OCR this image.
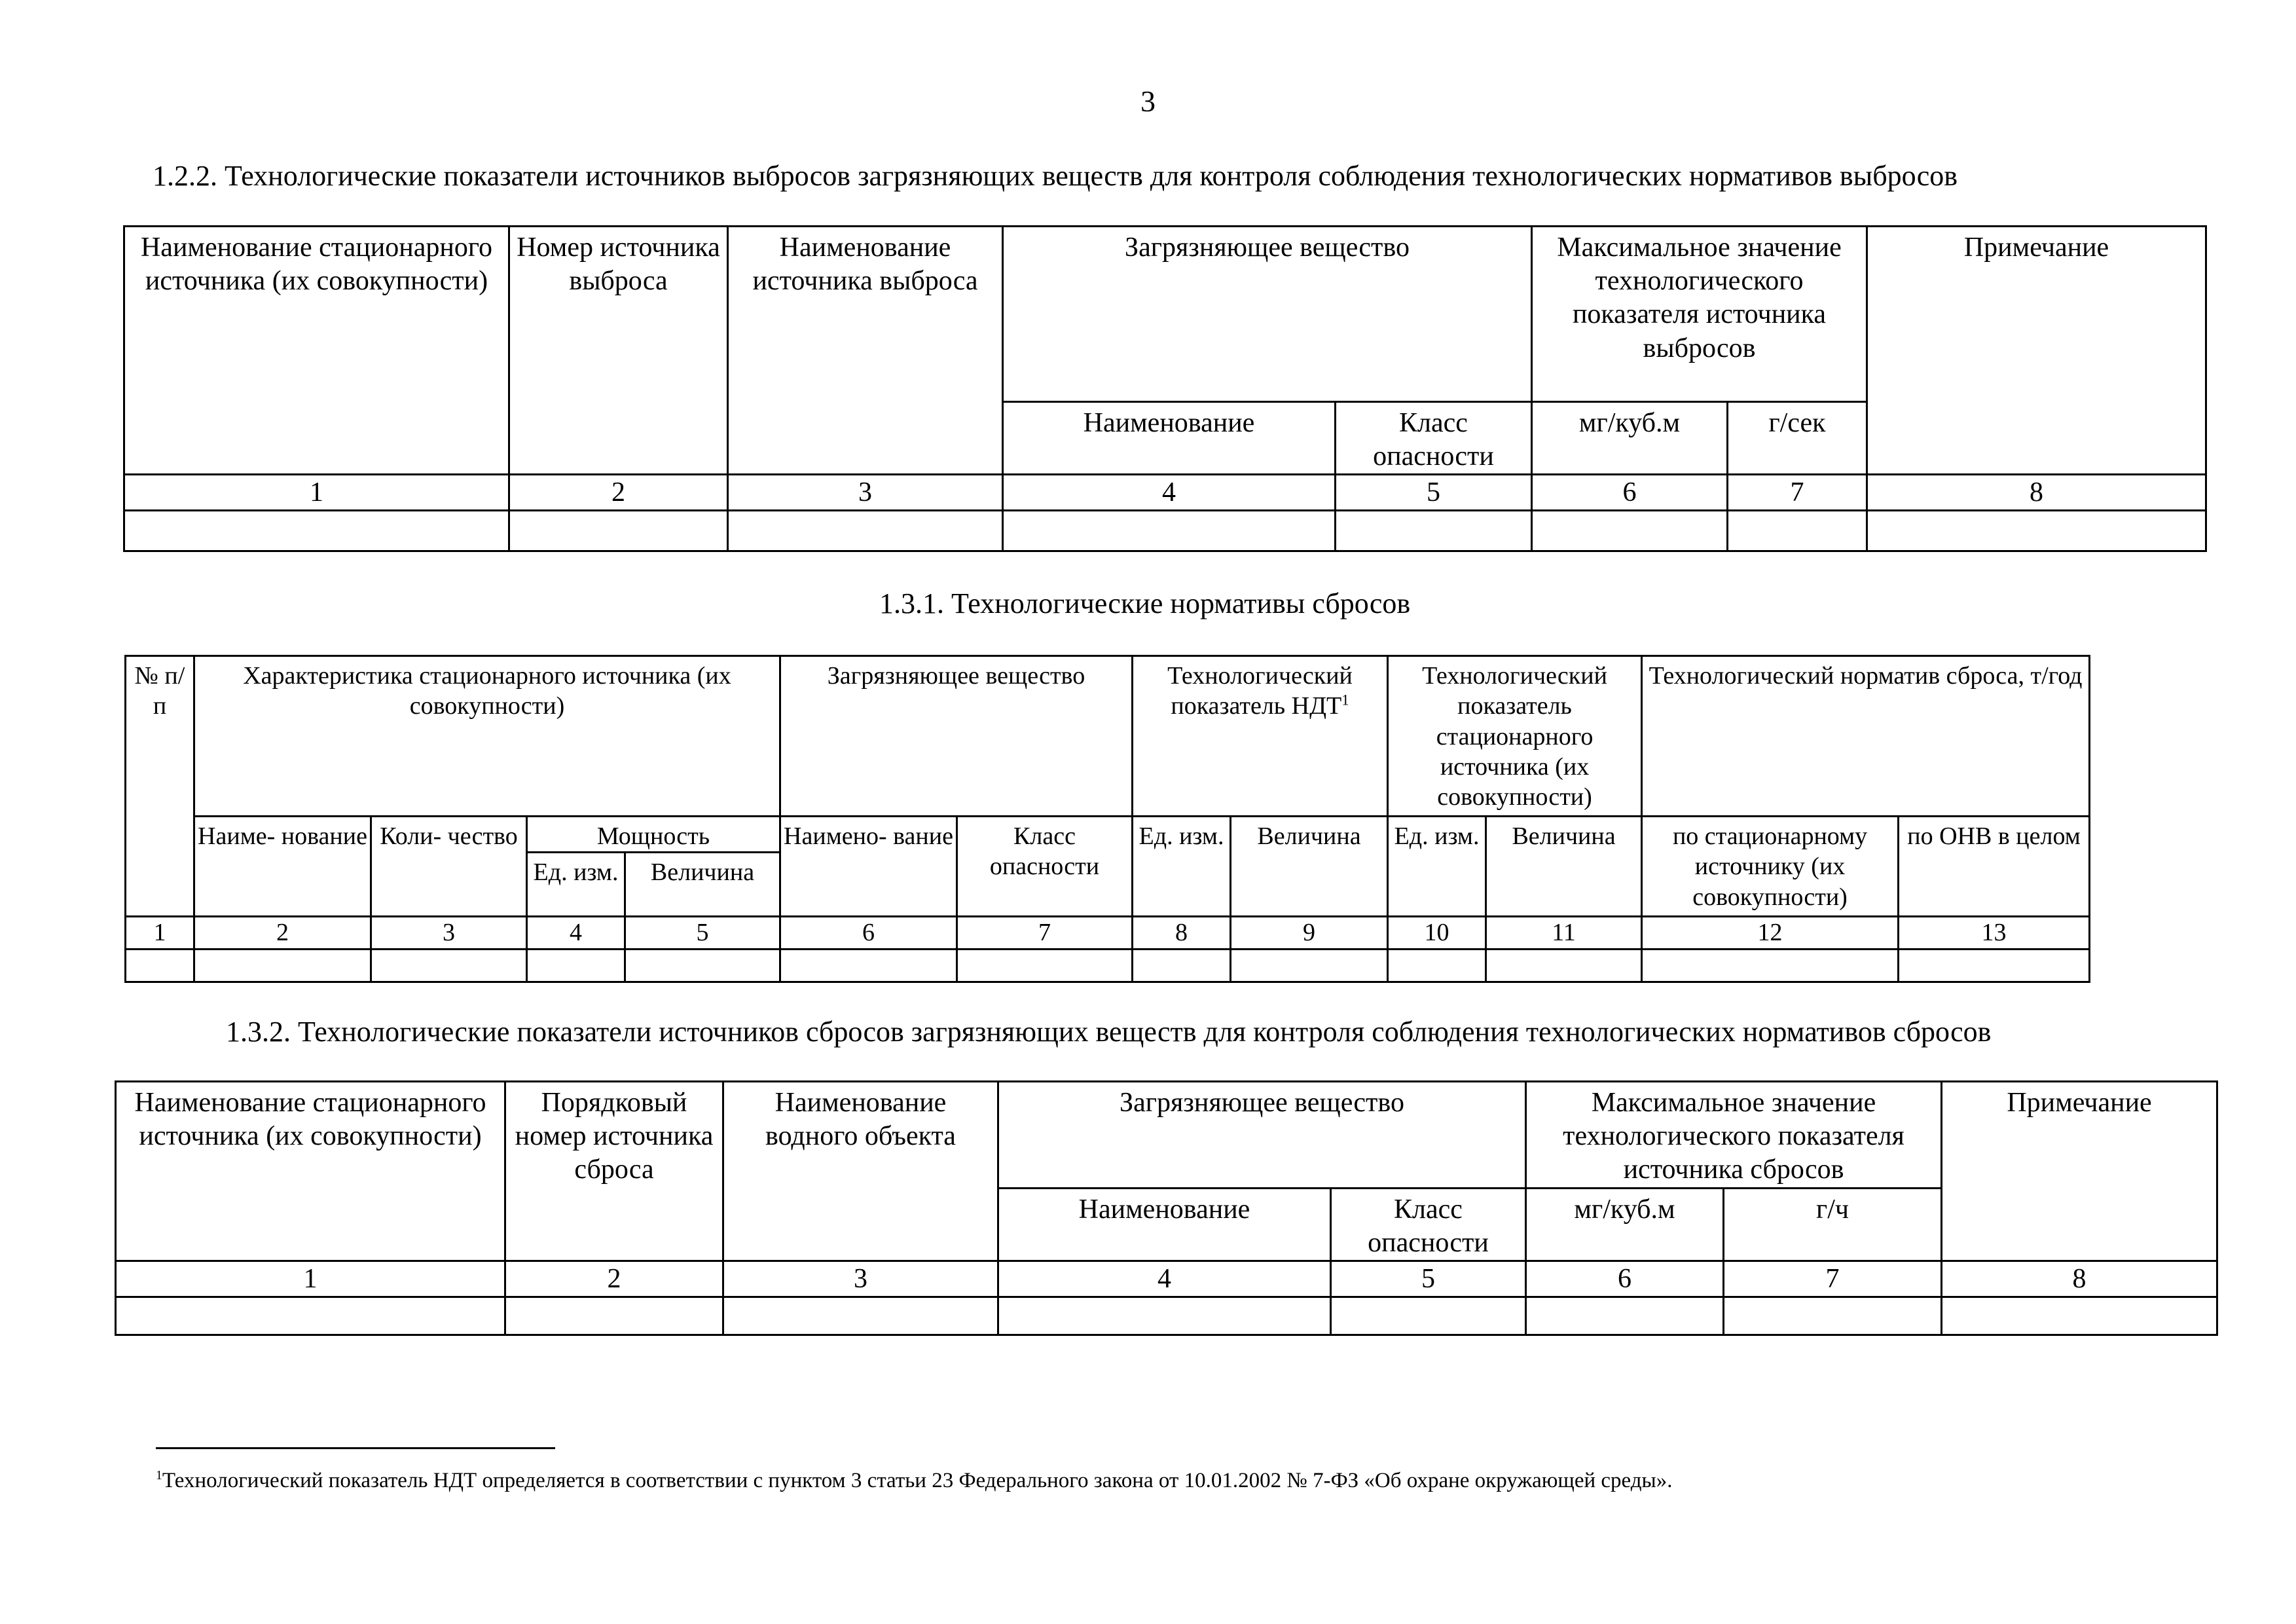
3
1.2.2. Технологические показатели источников выбросов загрязняющих веществ для контроля соблюдения технологических нормативов выбросов
Наименование стационарного источника (их совокупности)	Номер источника выброса	Наименование источника выброса	Загрязняющее вещество		Максимальное значение технологического показателя источника выбросов		Примечание
			Наименование	Класс опасности	мг/куб.м	г/сек	
1	2	3	4	5	6	7	8

1.3.1. Технологические нормативы сбросов
№ п/п	Характеристика стационарного источника (их совокупности)				Загрязняющее вещество		Технологический показатель НДТ$^1$		Технологический показатель стационарного источника (их совокупности)		Технологический норматив сброса, т/год	
	Наиме- нование	Коли- чество	Мощность		Наимено- вание	Класс опасности	Ед. изм.	Величина	Ед. изм.	Величина	по стационарному источнику (их совокупности)	по ОНВ в целом
			Ед. изм.	Величина								
1	2	3	4	5	6	7	8	9	10	11	12	13

1.3.2. Технологические показатели источников сбросов загрязняющих веществ для контроля соблюдения технологических нормативов сбросов
Наименование стационарного источника (их совокупности)	Порядковый номер источника сброса	Наименование водного объекта	Загрязняющее вещество		Максимальное значение технологического показателя источника сбросов		Примечание
			Наименование	Класс опасности	мг/куб.м	г/ч	
1	2	3	4	5	6	7	8

$^1$Технологический показатель НДТ определяется в соответствии с пунктом 3 статьи 23 Федерального закона от 10.01.2002 № 7-ФЗ «Об охране окружающей среды».
